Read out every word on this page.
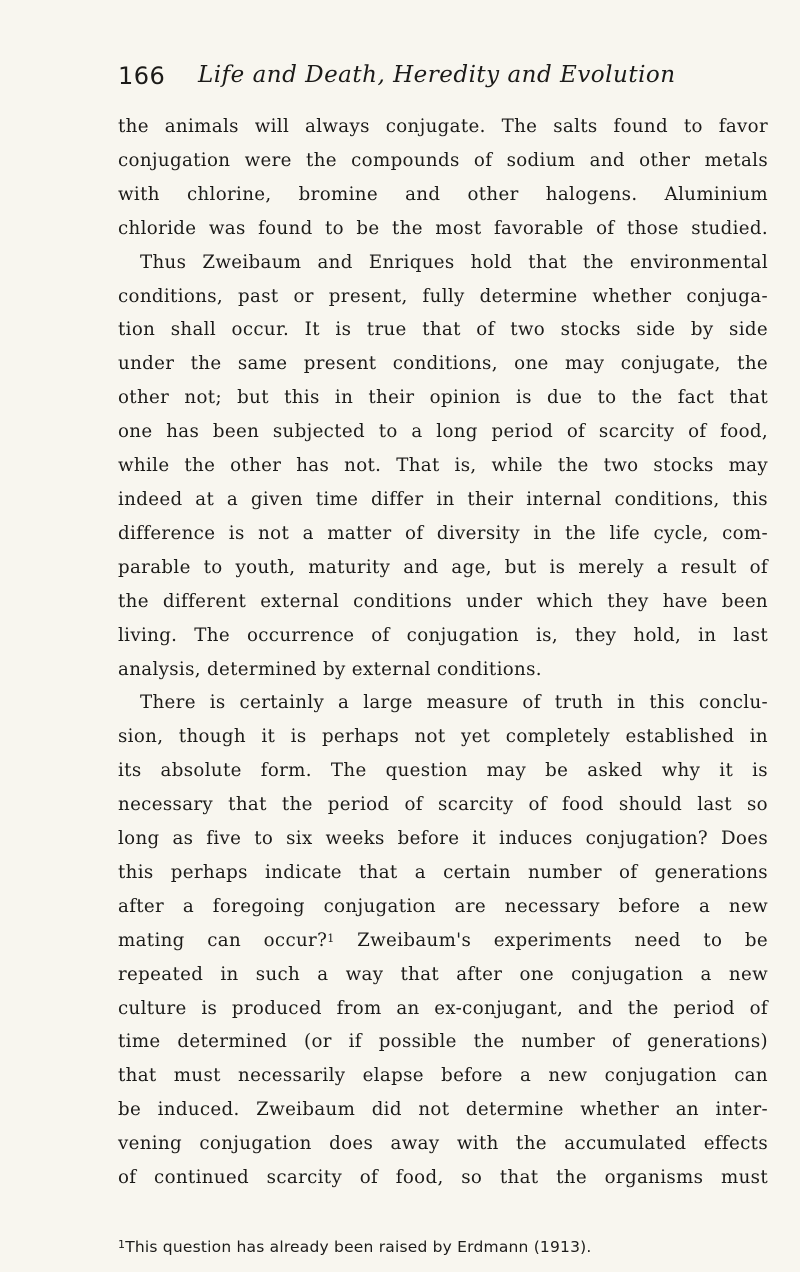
166 Life and Death, Heredity and Evolution
the animals will always conjugate. The salts found to favor
conjugation were the compounds of sodium and other metals
with chlorine, bromine and other halogens. Aluminium
chloride was found to be the most favorable of those studied.
Thus Zweibaum and Enriques hold that the environmental
conditions, past or present, fully determine whether conjuga-
tion shall occur. It is true that of two stocks side by side
under the same present conditions, one may conjugate, the
other not; but this in their opinion is due to the fact that
one has been subjected to a long period of scarcity of food,
while the other has not. That is, while the two stocks may
indeed at a given time differ in their internal conditions, this
difference is not a matter of diversity in the life cycle, com-
parable to youth, maturity and age, but is merely a result of
the different external conditions under which they have been
living. The occurrence of conjugation is, they hold, in last
analysis, determined by external conditions.
There is certainly a large measure of truth in this conclu-
sion, though it is perhaps not yet completely established in
its absolute form. The question may be asked why it is
necessary that the period of scarcity of food should last so
long as five to six weeks before it induces conjugation? Does
this perhaps indicate that a certain number of generations
after a foregoing conjugation are necessary before a new
mating can occur?$^1$ Zweibaum's experiments need to be
repeated in such a way that after one conjugation a new
culture is produced from an ex-conjugant, and the period of
time determined (or if possible the number of generations)
that must necessarily elapse before a new conjugation can
be induced. Zweibaum did not determine whether an inter-
vening conjugation does away with the accumulated effects
of continued scarcity of food, so that the organisms must
$^1$This question has already been raised by Erdmann (1913).
